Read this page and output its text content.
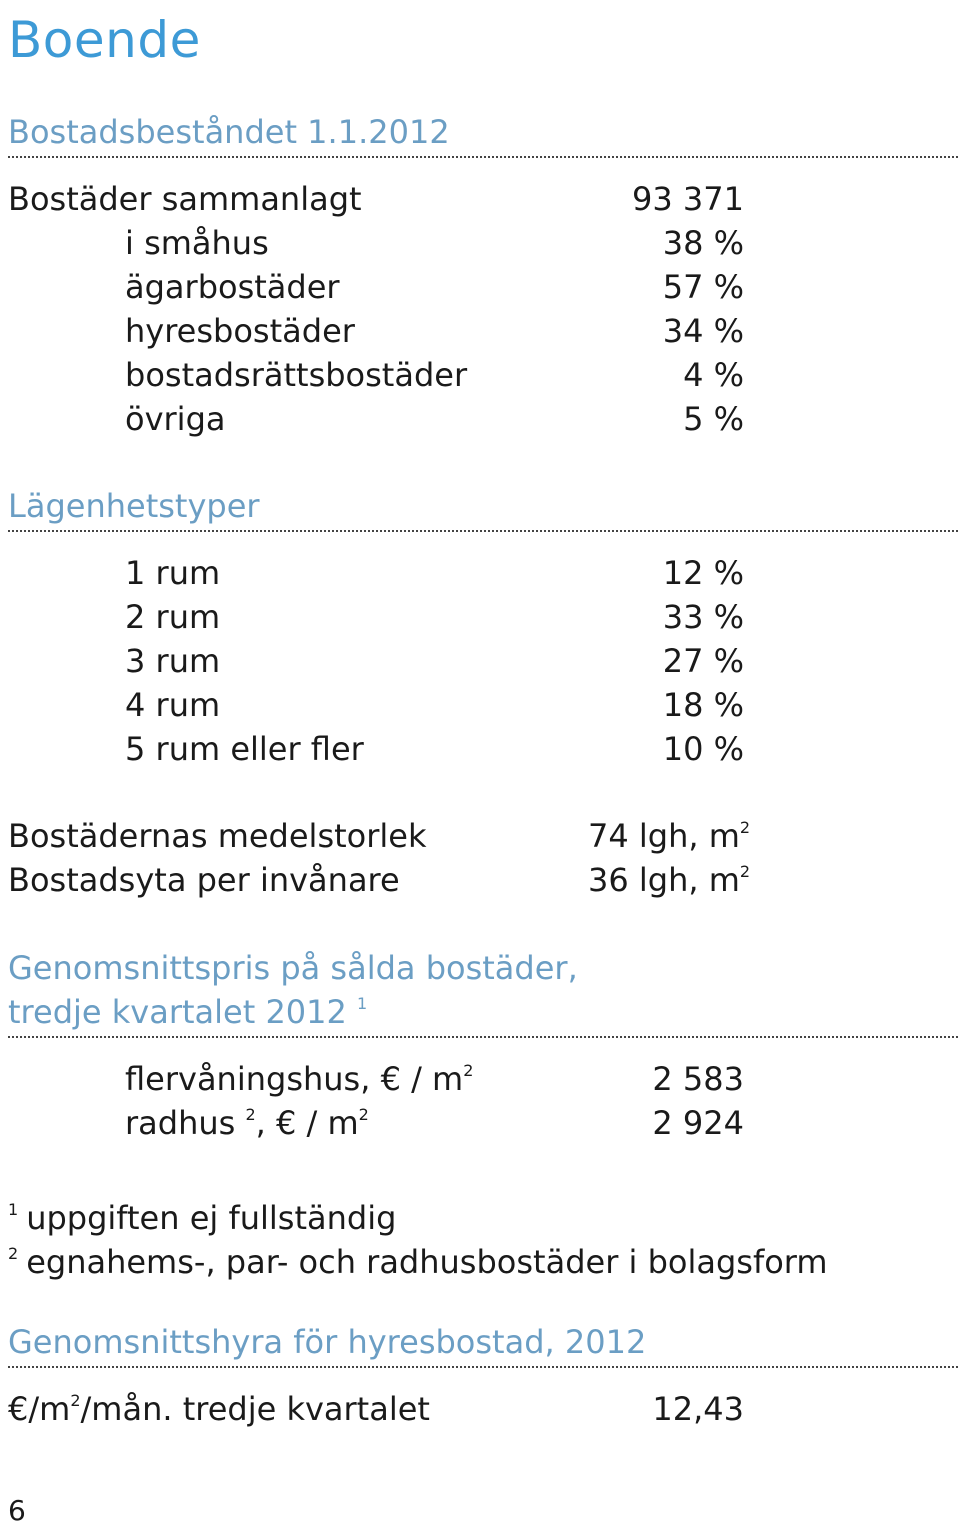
Boende
Bostadsbeståndet 1.1.2012
Bostäder sammanlagt	93 371
i småhus	38 %
ägarbostäder	57 %
hyresbostäder	34 %
bostadsrättsbostäder	4 %
övriga	5 %
Lägenhetstyper
1 rum	12 %
2 rum	33 %
3 rum	27 %
4 rum	18 %
5 rum eller fler	10 %
Bostädernas medelstorlek	74 lgh, $m^2$
Bostadsyta per invånare	36 lgh, $m^2$
Genomsnittspris på sålda bostäder,
tredje kvartalet 2012 $^1$
flervåningshus, € / $m^2$	2 583
radhus $^2$, € / $m^2$	2 924
$^1$ uppgiften ej fullständig
$^2$ egnahems-, par- och radhusbostäder i bolagsform
Genomsnittshyra för hyresbostad, 2012
$€/m^2$/mån. tredje kvartalet	12,43
6
